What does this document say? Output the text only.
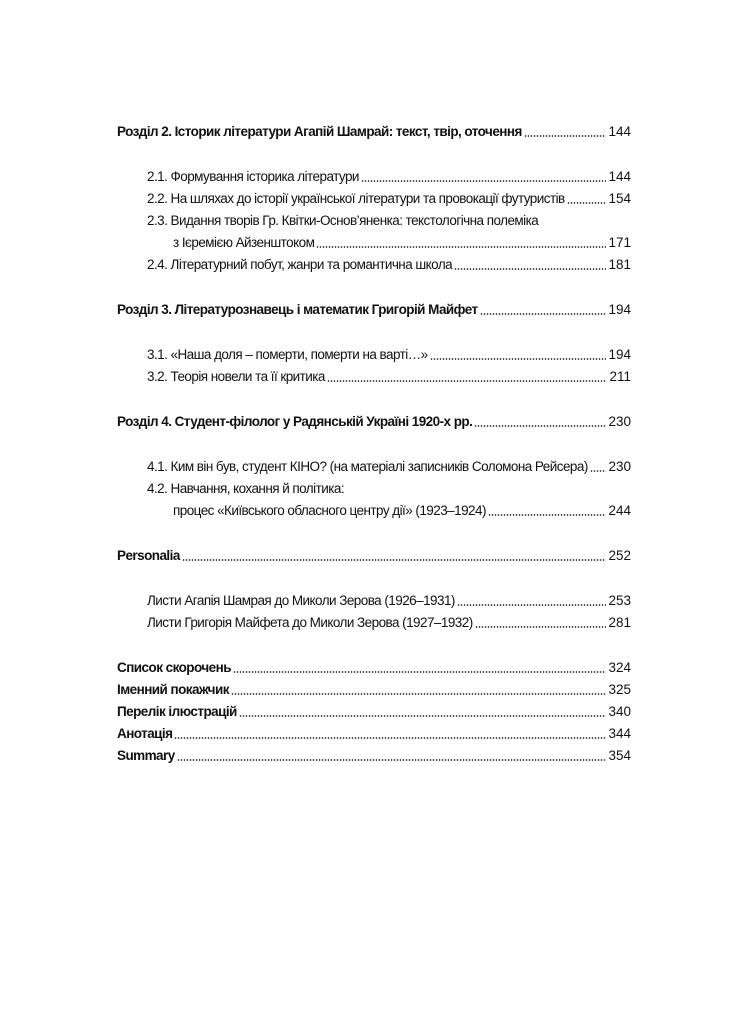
Розділ 2. Історик літератури Агапій Шамрай: текст, твір, оточення	144
2.1. Формування історика літератури	144
2.2. На шляхах до історії української літератури та провокації футуристів	154
2.3. Видання творів Гр. Квітки-Основ’яненка: текстологічна полеміка
з Ієремією Айзенштоком	171
2.4. Літературний побут, жанри та романтична школа	181
Розділ 3. Літературознавець і математик Григорій Майфет	194
3.1. «Наша доля – померти, померти на варті…»	194
3.2. Теорія новели та її критика	211
Розділ 4. Студент-філолог у Радянській Україні 1920-х рр.	230
4.1. Ким він був, студент КІНО? (на матеріалі записників Соломона Рейсера) 230
4.2. Навчання, кохання й політика:
процес «Київського обласного центру дії» (1923–1924)	244
Personalia	252
Листи Агапія Шамрая до Миколи Зерова (1926–1931)	253
Листи Григорія Майфета до Миколи Зерова (1927–1932)	281
Список скорочень	324
Іменний покажчик	325
Перелік ілюстрацій	340
Анотація	344
Summary	354
